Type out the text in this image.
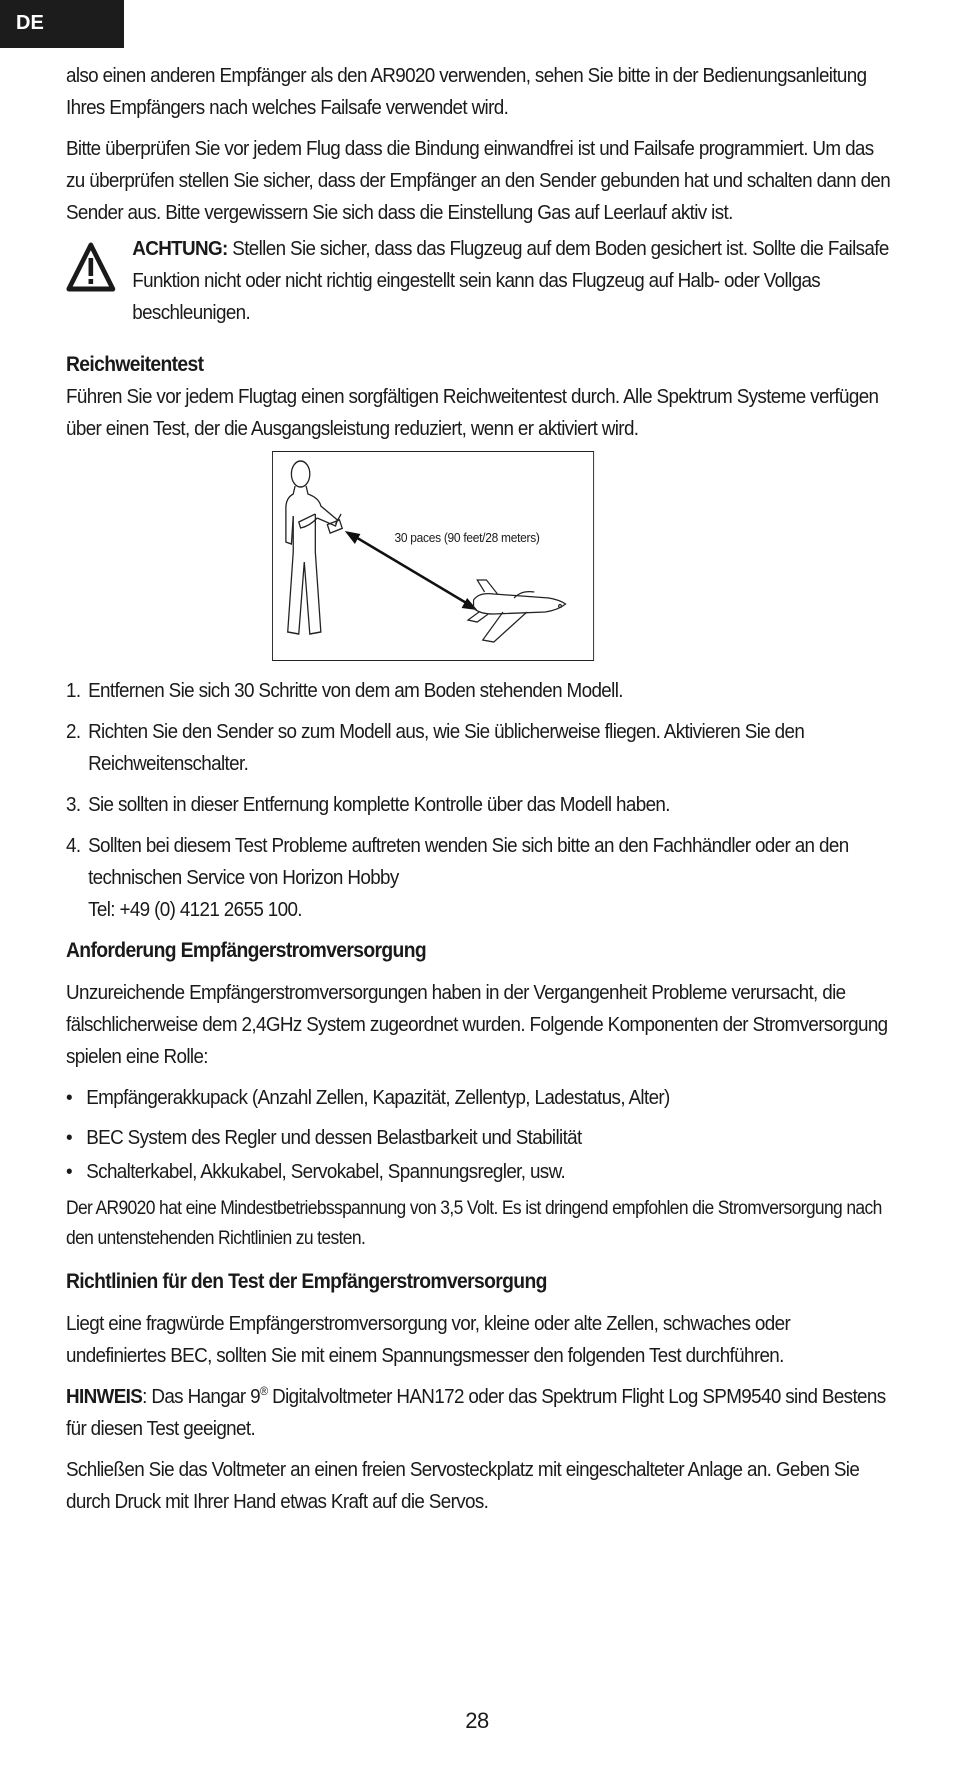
DE

also einen anderen Empfänger als den AR9020 verwenden, sehen Sie bitte in der Bedienungsanleitung Ihres Empfängers nach welches Failsafe verwendet wird.

Bitte überprüfen Sie vor jedem Flug dass die Bindung einwandfrei ist und Failsafe programmiert. Um das zu überprüfen stellen Sie sicher, dass der Empfänger an den Sender gebunden hat und schalten dann den Sender aus. Bitte vergewissern Sie sich dass die Einstellung Gas auf Leerlauf aktiv ist.

ACHTUNG: Stellen Sie sicher, dass das Flugzeug auf dem Boden gesichert ist. Sollte die Failsafe Funktion nicht oder nicht richtig eingestellt sein kann das Flugzeug auf Halb- oder Vollgas beschleunigen.
Reichweitentest

Führen Sie vor jedem Flugtag einen sorgfältigen Reichweitentest durch. Alle Spektrum Systeme verfügen über einen Test, der die Ausgangsleistung reduziert, wenn er aktiviert wird.

30 paces (90 feet/28 meters)
1. Entfernen Sie sich 30 Schritte von dem am Boden stehenden Modell.
2. Richten Sie den Sender so zum Modell aus, wie Sie üblicherweise fliegen. Aktivieren Sie den Reichweitenschalter.
3. Sie sollten in dieser Entfernung komplette Kontrolle über das Modell haben.
4. Sollten bei diesem Test Probleme auftreten wenden Sie sich bitte an den Fachhändler oder an den technischen Service von Horizon Hobby
Tel: +49 (0) 4121 2655 100.
Anforderung Empfängerstromversorgung

Unzureichende Empfängerstromversorgungen haben in der Vergangenheit Probleme verursacht, die fälschlicherweise dem 2,4GHz System zugeordnet wurden. Folgende Komponenten der Stromversorgung spielen eine Rolle:

• Empfängerakkupack (Anzahl Zellen, Kapazität, Zellentyp, Ladestatus, Alter)
• BEC System des Regler und dessen Belastbarkeit und Stabilität
• Schalterkabel, Akkukabel, Servokabel, Spannungsregler, usw.

Der AR9020 hat eine Mindestbetriebsspannung von 3,5 Volt. Es ist dringend empfohlen die Stromversorgung nach den untenstehenden Richtlinien zu testen.

Richtlinien für den Test der Empfängerstromversorgung

Liegt eine fragwürde Empfängerstromversorgung vor, kleine oder alte Zellen, schwaches oder undefiniertes BEC, sollten Sie mit einem Spannungsmesser den folgenden Test durchführen.

HINWEIS: Das Hangar 9® Digitalvoltmeter HAN172 oder das Spektrum Flight Log SPM9540 sind Bestens für diesen Test geeignet.

Schließen Sie das Voltmeter an einen freien Servosteckplatz mit eingeschalteter Anlage an. Geben Sie durch Druck mit Ihrer Hand etwas Kraft auf die Servos.

28
